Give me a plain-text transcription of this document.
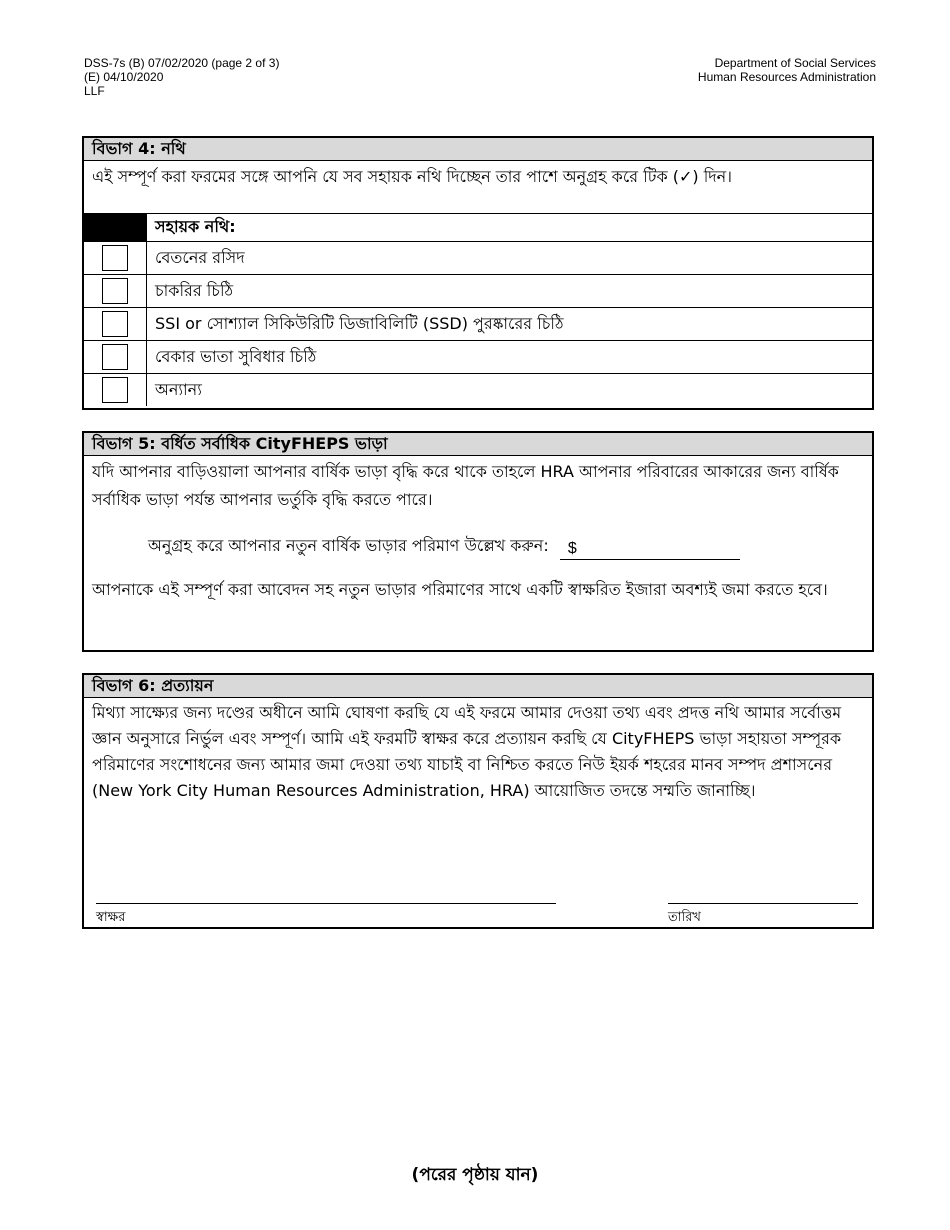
DSS-7s (B) 07/02/2020 (page 2 of 3)
(E) 04/10/2020
LLF
Department of Social Services
Human Resources Administration
বিভাগ 4: নথি
এই সম্পূর্ণ করা ফরমের সঙ্গে আপনি যে সব সহায়ক নথি দিচ্ছেন তার পাশে অনুগ্রহ করে টিক (✓) দিন।
	সহায়ক নথি:
	বেতনের রসিদ
	চাকরির চিঠি
	SSI or সোশ্যাল সিকিউরিটি ডিজাবিলিটি (SSD) পুরষ্কারের চিঠি
	বেকার ভাতা সুবিধার চিঠি
	অন্যান্য
বিভাগ 5: বর্ধিত সর্বাধিক CityFHEPS ভাড়া

যদি আপনার বাড়িওয়ালা আপনার বার্ষিক ভাড়া বৃদ্ধি করে থাকে তাহলে HRA আপনার পরিবারের আকারের জন্য বার্ষিক সর্বাধিক ভাড়া পর্যন্ত আপনার ভর্তুকি বৃদ্ধি করতে পারে।

অনুগ্রহ করে আপনার নতুন বার্ষিক ভাড়ার পরিমাণ উল্লেখ করুন: $

আপনাকে এই সম্পূর্ণ করা আবেদন সহ নতুন ভাড়ার পরিমাণের সাথে একটি স্বাক্ষরিত ইজারা অবশ্যই জমা করতে হবে।

বিভাগ 6: প্রত্যায়ন
মিথ্যা সাক্ষ্যের জন্য দণ্ডের অধীনে আমি ঘোষণা করছি যে এই ফরমে আমার দেওয়া তথ্য এবং প্রদত্ত নথি আমার সর্বোত্তম জ্ঞান অনুসারে নির্ভুল এবং সম্পূর্ণ। আমি এই ফরমটি স্বাক্ষর করে প্রত্যায়ন করছি যে CityFHEPS ভাড়া সহায়তা সম্পূরক পরিমাণের সংশোধনের জন্য আমার জমা দেওয়া তথ্য যাচাই বা নিশ্চিত করতে নিউ ইয়র্ক শহরের মানব সম্পদ প্রশাসনের (New York City Human Resources Administration, HRA) আয়োজিত তদন্তে সম্মতি জানাচ্ছি।
স্বাক্ষর	তারিখ
(পরের পৃষ্ঠায় যান)
